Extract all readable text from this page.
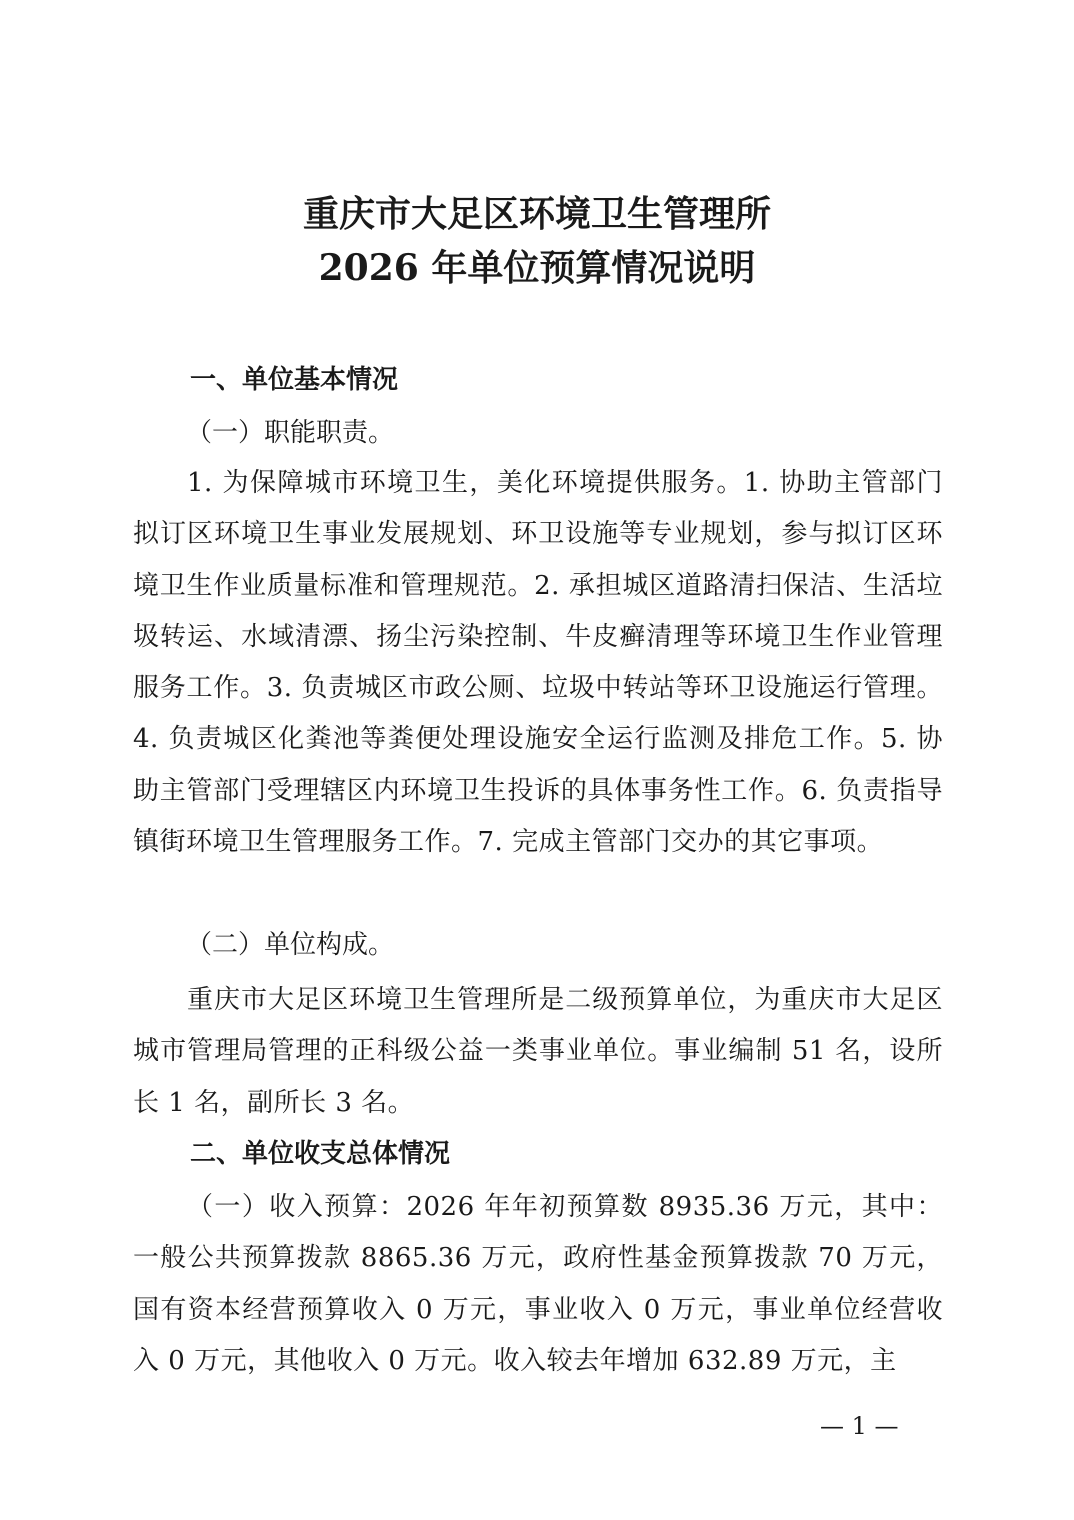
重庆市大足区环境卫生管理所
2026 年单位预算情况说明
一、单位基本情况

（一）职能职责。

1. 为保障城市环境卫生，美化环境提供服务。1. 协助主管部门拟订区环境卫生事业发展规划、环卫设施等专业规划，参与拟订区环境卫生作业质量标准和管理规范。2. 承担城区道路清扫保洁、生活垃圾转运、水域清漂、扬尘污染控制、牛皮癣清理等环境卫生作业管理服务工作。3. 负责城区市政公厕、垃圾中转站等环卫设施运行管理。4. 负责城区化粪池等粪便处理设施安全运行监测及排危工作。5. 协助主管部门受理辖区内环境卫生投诉的具体事务性工作。6. 负责指导镇街环境卫生管理服务工作。7. 完成主管部门交办的其它事项。

（二）单位构成。

重庆市大足区环境卫生管理所是二级预算单位，为重庆市大足区城市管理局管理的正科级公益一类事业单位。事业编制 51 名，设所长 1 名，副所长 3 名。

二、单位收支总体情况

（一）收入预算：2026 年年初预算数 8935.36 万元，其中：一般公共预算拨款 8865.36 万元，政府性基金预算拨款 70 万元，国有资本经营预算收入 0 万元，事业收入 0 万元，事业单位经营收入 0 万元，其他收入 0 万元。收入较去年增加 632.89 万元，主

— 1 —
